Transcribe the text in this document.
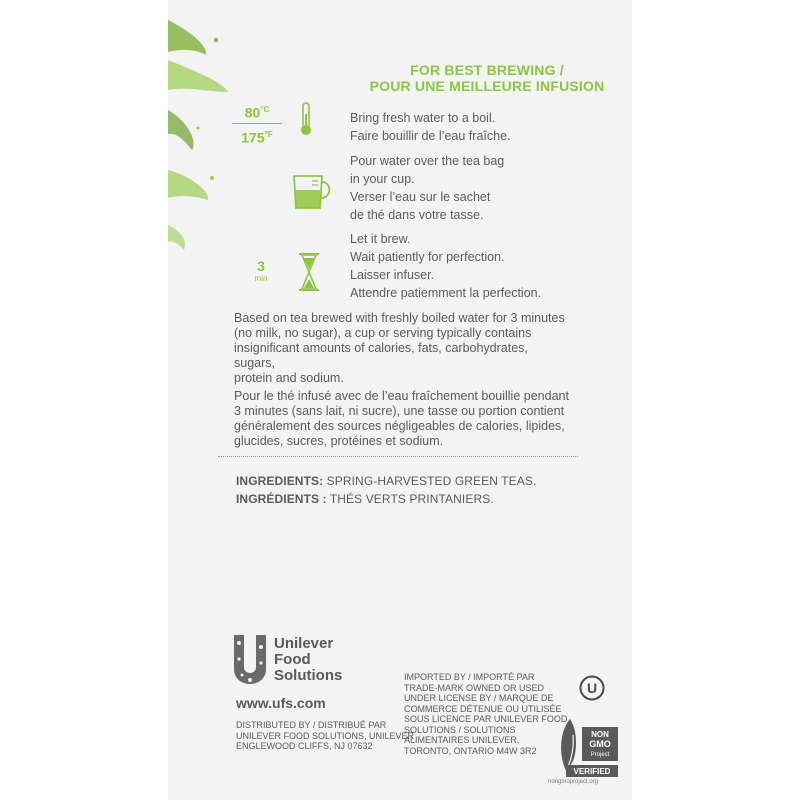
FOR BEST BREWING /
POUR UNE MEILLEURE INFUSION

$80^{^\circ C}$
$175^{^\circ F}$
3
min
Bring fresh water to a boil.
Faire bouillir de l’eau fraîche.
Pour water over the tea bag
in your cup.
Verser l’eau sur le sachet
de thé dans votre tasse.
Let it brew.
Wait patiently for perfection.
Laisser infuser.
Attendre patiemment la perfection.
Based on tea brewed with freshly boiled water for 3 minutes
(no milk, no sugar), a cup or serving typically contains
insignificant amounts of calories, fats, carbohydrates, sugars,
protein and sodium.
Pour le thé infusé avec de l’eau fraîchement bouillie pendant
3 minutes (sans lait, ni sucre), une tasse ou portion contient
généralement des sources négligeables de calories, lipides,
glucides, sucres, protéines et sodium.
INGREDIENTS: SPRING-HARVESTED GREEN TEAS.
INGRÉDIENTS : THÉS VERTS PRINTANIERS.
Unilever
Food
Solutions
www.ufs.com
DISTRIBUTED BY / DISTRIBUÉ PAR
UNILEVER FOOD SOLUTIONS, UNILEVER
ENGLEWOOD CLIFFS, NJ 07632
IMPORTED BY / IMPORTÉ PAR
TRADE-MARK OWNED OR USED
UNDER LICENSE BY / MARQUE DE
COMMERCE DÉTENUE OU UTILISÉE
SOUS LICENCE PAR UNILEVER FOOD
SOLUTIONS / SOLUTIONS
ALIMENTAIRES UNILEVER,
TORONTO, ONTARIO M4W 3R2
U
NON
GMO
Project
VERIFIED
nongmoproject.org
